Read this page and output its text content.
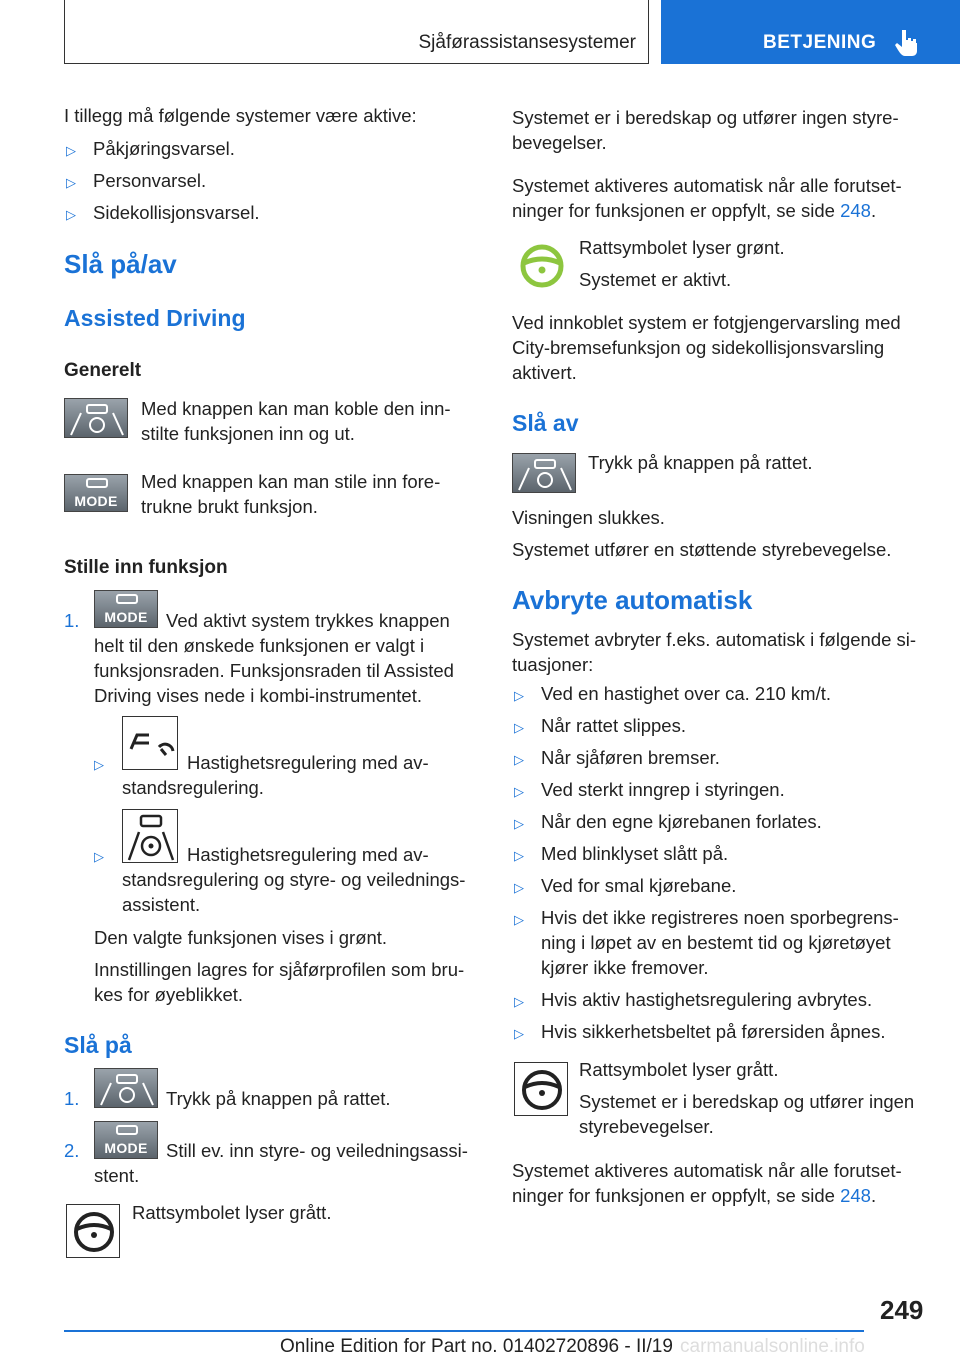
Sjåførassistansesystemer	BETJENING
I tillegg må følgende systemer være aktive:
▷ Påkjøringsvarsel.
▷ Personvarsel.
▷ Sidekollisjonsvarsel.
Slå på/av
Assisted Driving
Generelt
Med knappen kan man koble den inn-
stilte funksjonen inn og ut.
MODE
Med knappen kan man stile inn fore-
trukne brukt funksjon.
Stille inn funksjon
1.	MODE Ved aktivt system trykkes knappen
helt til den ønskede funksjonen er valgt i
funksjonsraden. Funksjonsraden til Assisted
Driving vises nede i kombi-instrumentet.
▷	Hastighetsregulering med av-
standsregulering.
▷	Hastighetsregulering med av-
standsregulering og styre- og veilednings-
assistent.
Den valgte funksjonen vises i grønt.
Innstillingen lagres for sjåførprofilen som bru-
kes for øyeblikket.
Slå på
1.	Trykk på knappen på rattet.
2.	MODE Still ev. inn styre- og veiledningsassi-
stent.
Rattsymbolet lyser grått.
Systemet er i beredskap og utfører ingen styre-
bevegelser.
Systemet aktiveres automatisk når alle forutset-
ninger for funksjonen er oppfylt, se side 248.
Rattsymbolet lyser grønt.
Systemet er aktivt.
Ved innkoblet system er fotgjengervarsling med
City-bremsefunksjon og sidekollisjonsvarsling
aktivert.
Slå av
Trykk på knappen på rattet.
Visningen slukkes.
Systemet utfører en støttende styrebevegelse.
Avbryte automatisk
Systemet avbryter f.eks. automatisk i følgende si-
tuasjoner:
▷ Ved en hastighet over ca. 210 km/t.
▷ Når rattet slippes.
▷ Når sjåføren bremser.
▷ Ved sterkt inngrep i styringen.
▷ Når den egne kjørebanen forlates.
▷ Med blinklyset slått på.
▷ Ved for smal kjørebane.
▷ Hvis det ikke registreres noen sporbegrens-
ning i løpet av en bestemt tid og kjøretøyet
kjører ikke fremover.
▷ Hvis aktiv hastighetsregulering avbrytes.
▷ Hvis sikkerhetsbeltet på førersiden åpnes.
Rattsymbolet lyser grått.
Systemet er i beredskap og utfører ingen
styrebevegelser.
Systemet aktiveres automatisk når alle forutset-
ninger for funksjonen er oppfylt, se side 248.
249
Online Edition for Part no. 01402720896 - II/19 carmanualsonline.info
